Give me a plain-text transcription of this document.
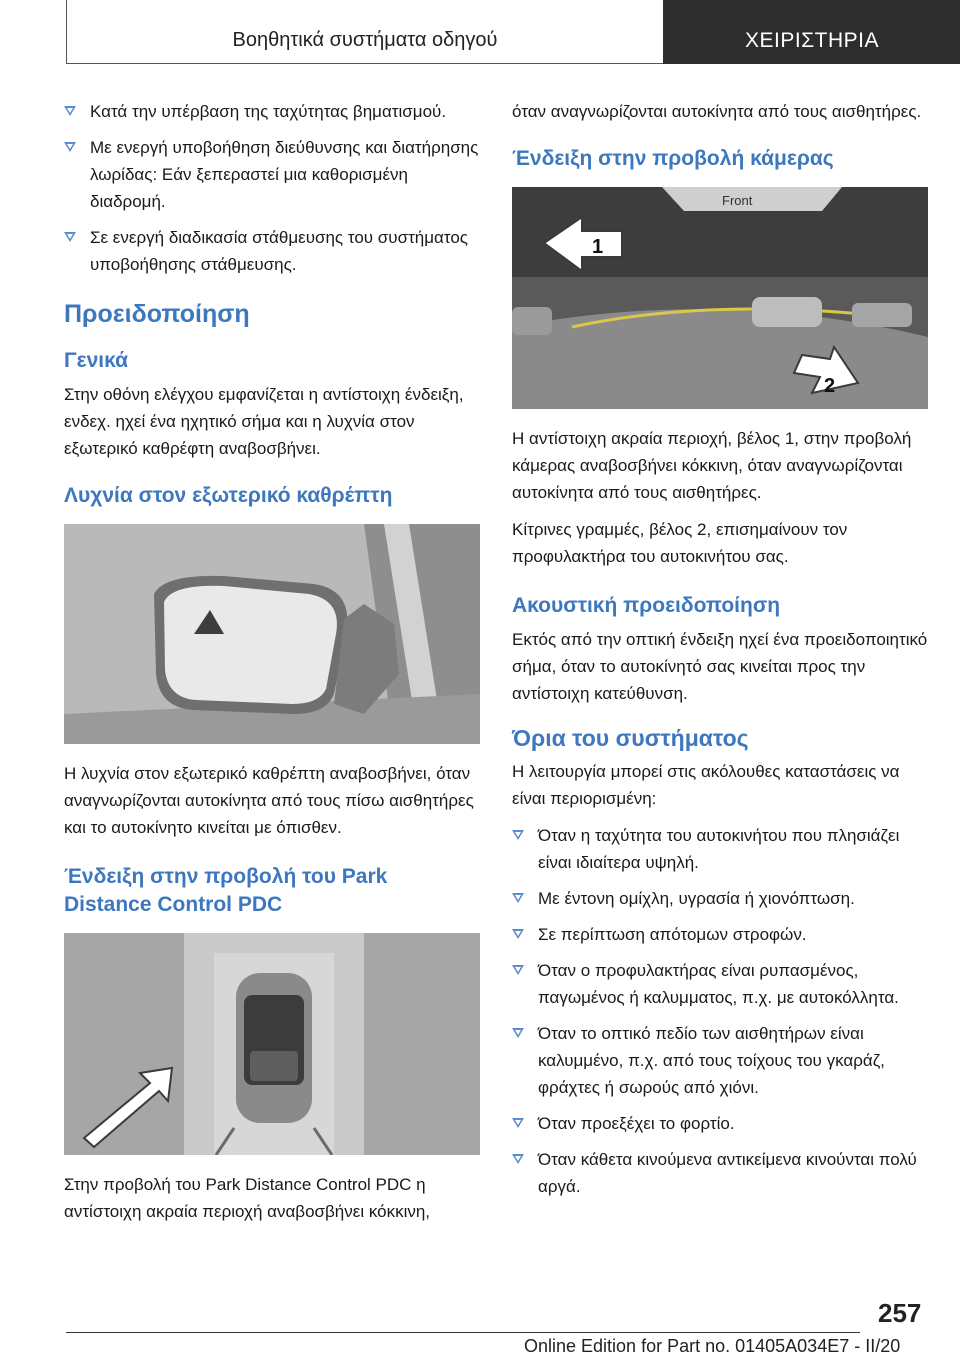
Βοηθητικά συστήματα οδηγού	ΧΕΙΡΙΣΤΗΡΙΑ
Κατά την υπέρβαση της ταχύτητας βηματισμού.
Με ενεργή υποβοήθηση διεύθυνσης και διατήρησης λωρίδας: Εάν ξεπεραστεί μια καθορισμένη διαδρομή.
Σε ενεργή διαδικασία στάθμευσης του συστήματος υποβοήθησης στάθμευσης.
Προειδοποίηση
Γενικά

Στην οθόνη ελέγχου εμφανίζεται η αντίστοιχη ένδειξη, ενδεχ. ηχεί ένα ηχητικό σήμα και η λυχνία στον εξωτερικό καθρέφτη αναβοσβήνει.

Λυχνία στον εξωτερικό καθρέπτη

Η λυχνία στον εξωτερικό καθρέπτη αναβοσβήνει, όταν αναγνωρίζονται αυτοκίνητα από τους πίσω αισθητήρες και το αυτοκίνητο κινείται με όπισθεν.

Ένδειξη στην προβολή του Park Distance Control PDC

Στην προβολή του Park Distance Control PDC η αντίστοιχη ακραία περιοχή αναβοσβήνει κόκκινη,

όταν αναγνωρίζονται αυτοκίνητα από τους αισθητήρες.

Ένδειξη στην προβολή κάμερας
Front
1
2

Η αντίστοιχη ακραία περιοχή, βέλος 1, στην προβολή κάμερας αναβοσβήνει κόκκινη, όταν αναγνωρίζονται αυτοκίνητα από τους αισθητήρες.

Κίτρινες γραμμές, βέλος 2, επισημαίνουν τον προφυλακτήρα του αυτοκινήτου σας.

Ακουστική προειδοποίηση

Εκτός από την οπτική ένδειξη ηχεί ένα προειδοποιητικό σήμα, όταν το αυτοκίνητό σας κινείται προς την αντίστοιχη κατεύθυνση.

Όρια του συστήματος

Η λειτουργία μπορεί στις ακόλουθες καταστάσεις να είναι περιορισμένη:

Όταν η ταχύτητα του αυτοκινήτου που πλησιάζει είναι ιδιαίτερα υψηλή.
Με έντονη ομίχλη, υγρασία ή χιονόπτωση.
Σε περίπτωση απότομων στροφών.
Όταν ο προφυλακτήρας είναι ρυπασμένος, παγωμένος ή καλυμματος, π.χ. με αυτοκόλλητα.
Όταν το οπτικό πεδίο των αισθητήρων είναι καλυμμένο, π.χ. από τους τοίχους του γκαράζ, φράχτες ή σωρούς από χιόνι.
Όταν προεξέχει το φορτίο.
Όταν κάθετα κινούμενα αντικείμενα κινούνται πολύ αργά.
257
Online Edition for Part no. 01405A034E7 - II/20
